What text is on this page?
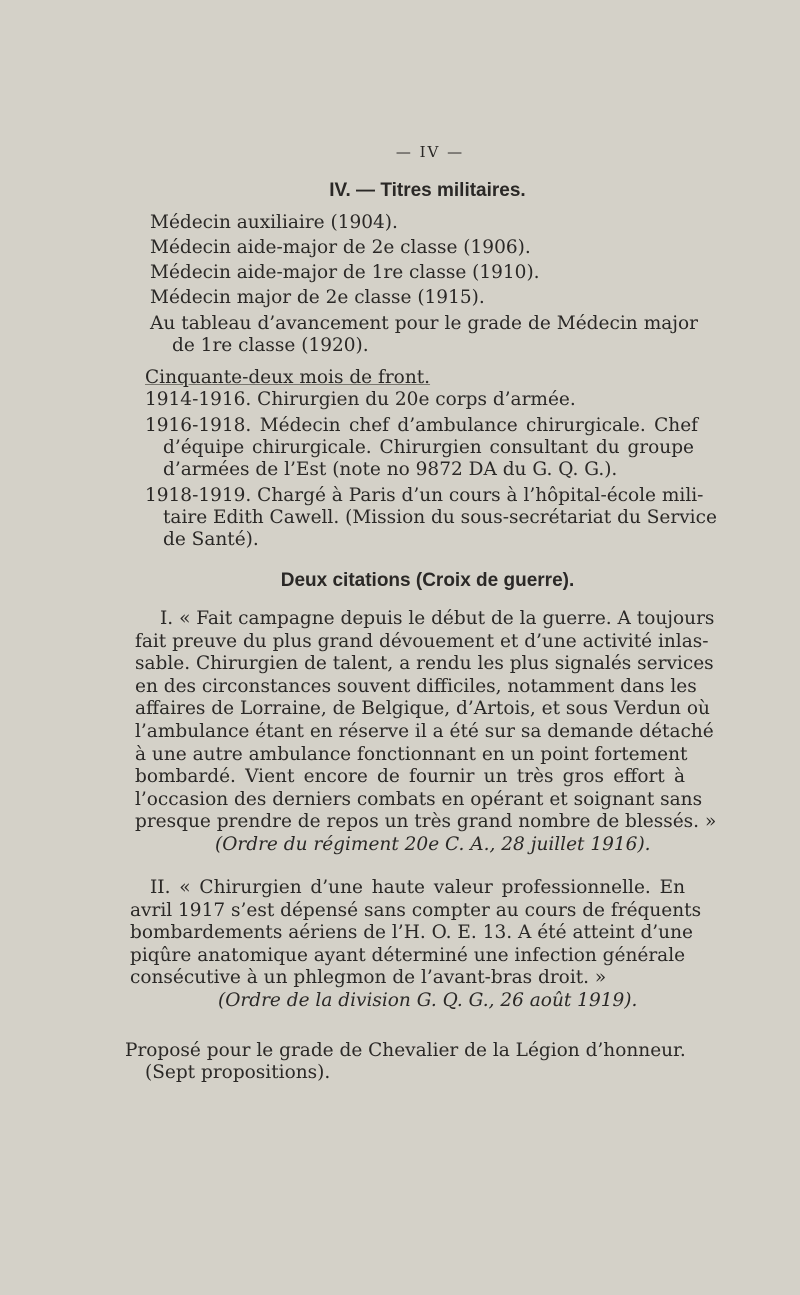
— IV —
IV. — Titres militaires.
Médecin auxiliaire (1904).
Médecin aide-major de 2e classe (1906).
Médecin aide-major de 1re classe (1910).
Médecin major de 2e classe (1915).
Au tableau d’avancement pour le grade de Médecin major
de 1re classe (1920).
Cinquante-deux mois de front.
1914-1916. Chirurgien du 20e corps d’armée.
1916-1918. Médecin chef d’ambulance chirurgicale. Chef
d’équipe chirurgicale. Chirurgien consultant du groupe
d’armées de l’Est (note no 9872 DA du G. Q. G.).
1918-1919. Chargé à Paris d’un cours à l’hôpital-école mili-
taire Edith Cawell. (Mission du sous-secrétariat du Service
de Santé).
Deux citations (Croix de guerre).
I. « Fait campagne depuis le début de la guerre. A toujours
fait preuve du plus grand dévouement et d’une activité inlas-
sable. Chirurgien de talent, a rendu les plus signalés services
en des circonstances souvent difficiles, notamment dans les
affaires de Lorraine, de Belgique, d’Artois, et sous Verdun où
l’ambulance étant en réserve il a été sur sa demande détaché
à une autre ambulance fonctionnant en un point fortement
bombardé. Vient encore de fournir un très gros effort à
l’occasion des derniers combats en opérant et soignant sans
presque prendre de repos un très grand nombre de blessés. »
(Ordre du régiment 20e C. A., 28 juillet 1916).
II. « Chirurgien d’une haute valeur professionnelle. En
avril 1917 s’est dépensé sans compter au cours de fréquents
bombardements aériens de l’H. O. E. 13. A été atteint d’une
piqûre anatomique ayant déterminé une infection générale
consécutive à un phlegmon de l’avant-bras droit. »
(Ordre de la division G. Q. G., 26 août 1919).
Proposé pour le grade de Chevalier de la Légion d’honneur.
(Sept propositions).
